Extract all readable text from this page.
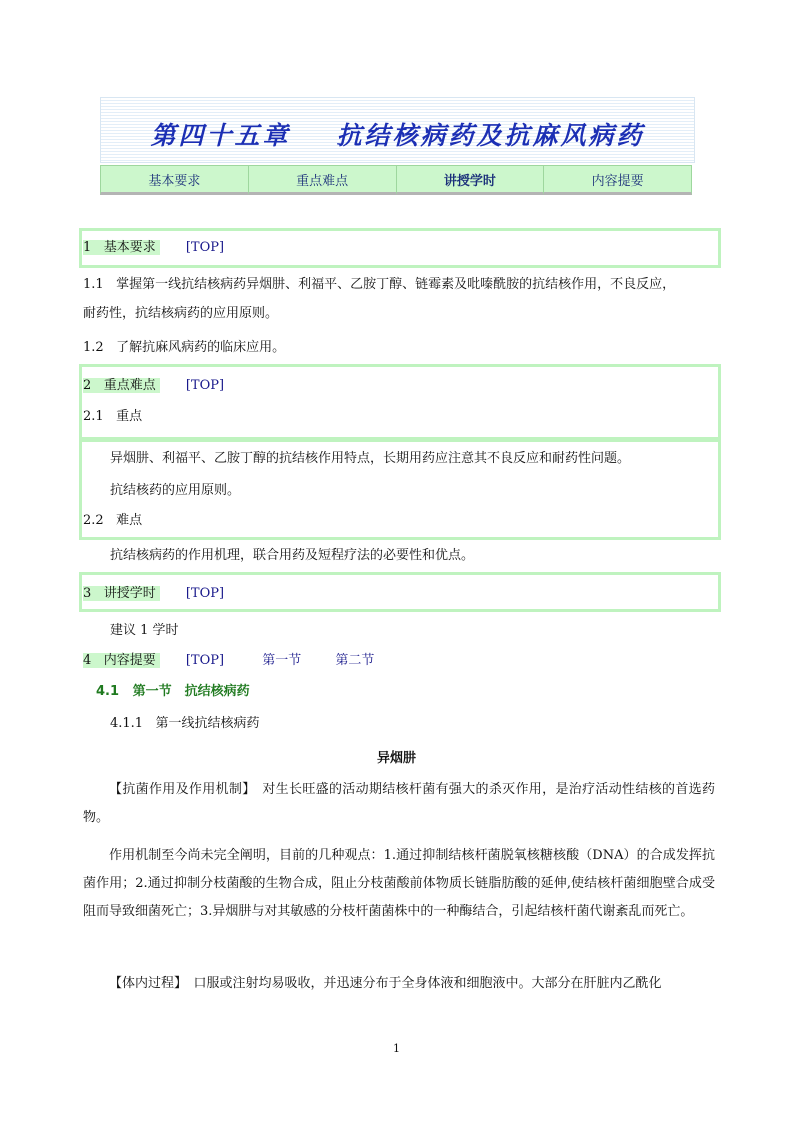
第四十五章 抗结核病药及抗麻风病药
基本要求	重点难点	讲授学时	内容提要
1 基本要求 [TOP]
1.1 掌握第一线抗结核病药异烟肼、利福平、乙胺丁醇、链霉素及吡嗪酰胺的抗结核作用，不良反应，
耐药性，抗结核病药的应用原则。
1.2 了解抗麻风病药的临床应用。
2 重点难点 [TOP]
2.1 重点
异烟肼、利福平、乙胺丁醇的抗结核作用特点，长期用药应注意其不良反应和耐药性问题。
抗结核药的应用原则。
2.2 难点
抗结核病药的作用机理，联合用药及短程疗法的必要性和优点。
3 讲授学时 [TOP]
建议 1 学时
4 内容提要 [TOP]	第一节	第二节
4.1 第一节　抗结核病药
4.1.1 第一线抗结核病药
异烟肼
【抗菌作用及作用机制】　对生长旺盛的活动期结核杆菌有强大的杀灭作用，是治疗活动性结核的首选药物。
作用机制至今尚未完全阐明，目前的几种观点：1.通过抑制结核杆菌脱氧核糖核酸（DNA）的合成发挥抗菌作用；2.通过抑制分枝菌酸的生物合成，阻止分枝菌酸前体物质长链脂肪酸的延伸,使结核杆菌细胞壁合成受阻而导致细菌死亡；3.异烟肼与对其敏感的分枝杆菌菌株中的一种酶结合，引起结核杆菌代谢紊乱而死亡。
【体内过程】　口服或注射均易吸收，并迅速分布于全身体液和细胞液中。大部分在肝脏内乙酰化
1
